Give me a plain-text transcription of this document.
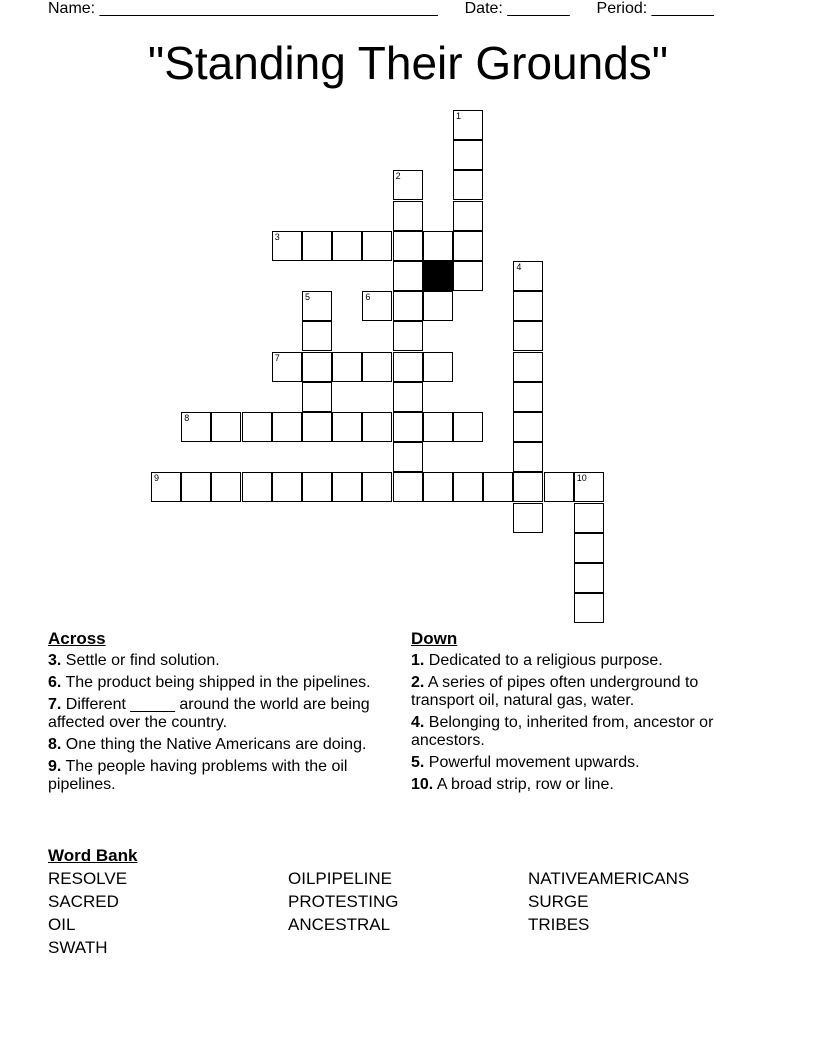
Name: ______________________________________ Date: _______ Period: _______
"Standing Their Grounds"
1
2
3
4
5	6
7
8
9	10
Across
3. Settle or find solution.
6. The product being shipped in the pipelines.
7. Different _____ around the world are being affected over the country.
8. One thing the Native Americans are doing.
9. The people having problems with the oil pipelines.
Down
1. Dedicated to a religious purpose.
2. A series of pipes often underground to transport oil, natural gas, water.
4. Belonging to, inherited from, ancestor or ancestors.
5. Powerful movement upwards.
10. A broad strip, row or line.
Word Bank
RESOLVE	OILPIPELINE	NATIVEAMERICANS
SACRED	PROTESTING	SURGE
OIL	ANCESTRAL	TRIBES
SWATH
